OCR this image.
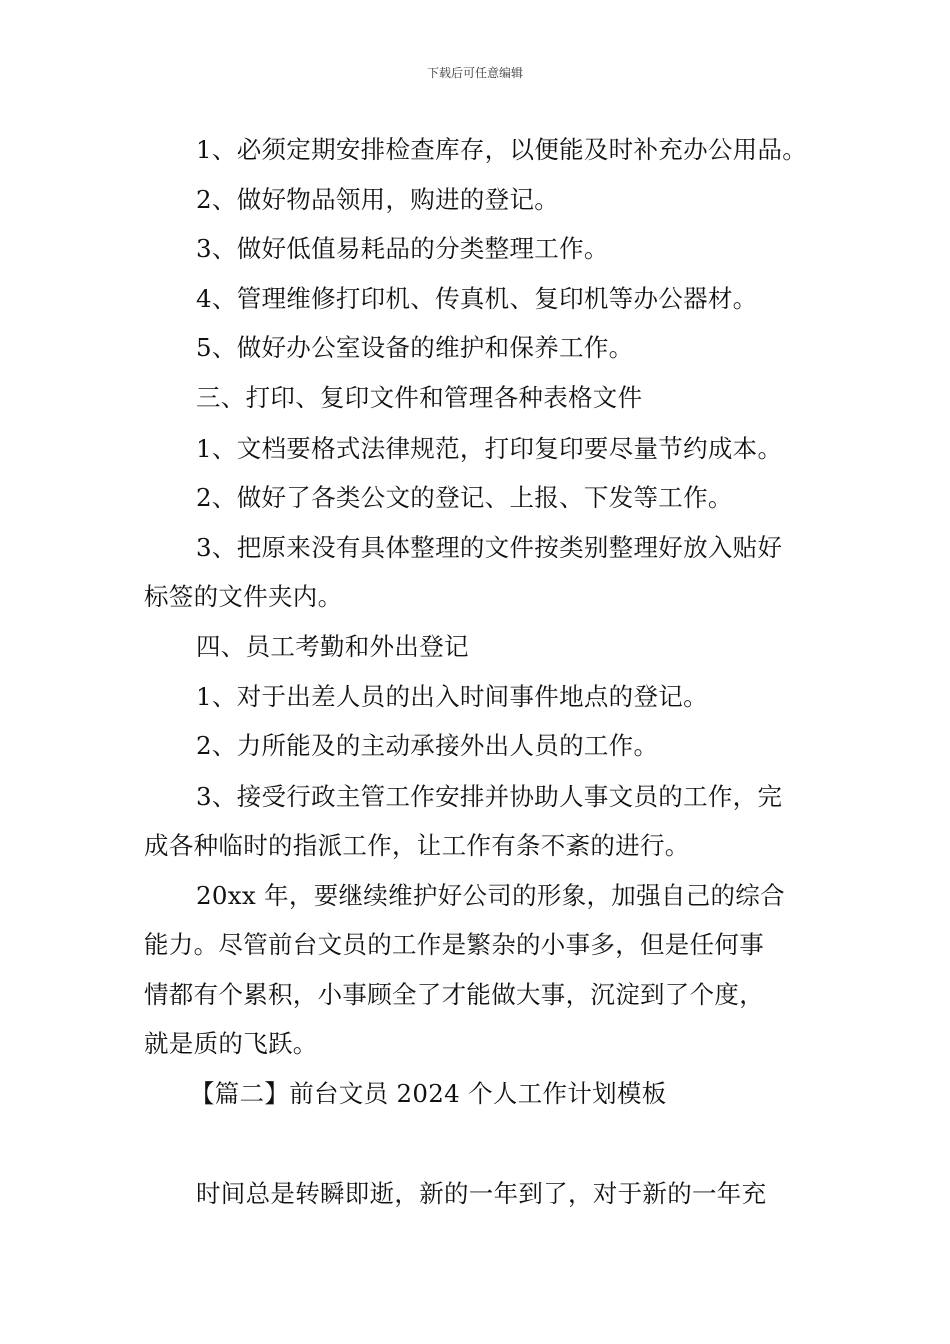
下载后可任意编辑
1、必须定期安排检查库存，以便能及时补充办公用品。
2、做好物品领用，购进的登记。
3、做好低值易耗品的分类整理工作。
4、管理维修打印机、传真机、复印机等办公器材。
5、做好办公室设备的维护和保养工作。
三、打印、复印文件和管理各种表格文件
1、文档要格式法律规范，打印复印要尽量节约成本。
2、做好了各类公文的登记、上报、下发等工作。
3、把原来没有具体整理的文件按类别整理好放入贴好
标签的文件夹内。
四、员工考勤和外出登记
1、对于出差人员的出入时间事件地点的登记。
2、力所能及的主动承接外出人员的工作。
3、接受行政主管工作安排并协助人事文员的工作，完
成各种临时的指派工作，让工作有条不紊的进行。
20xx 年，要继续维护好公司的形象，加强自己的综合
能力。尽管前台文员的工作是繁杂的小事多，但是任何事
情都有个累积，小事顾全了才能做大事，沉淀到了个度，
就是质的飞跃。
【篇二】前台文员 2024 个人工作计划模板
时间总是转瞬即逝，新的一年到了，对于新的一年充
